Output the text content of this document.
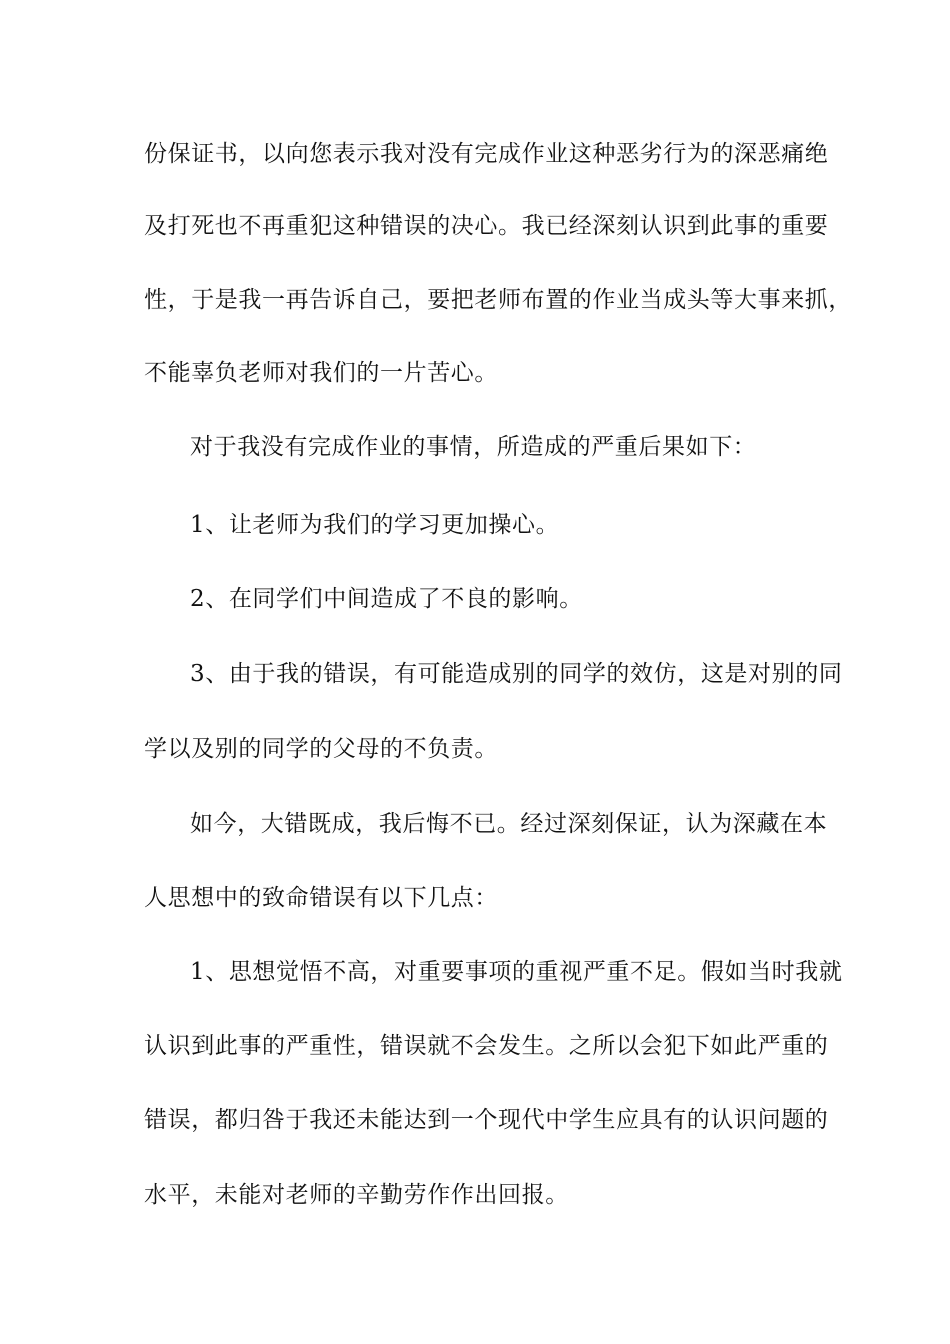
份保证书，以向您表示我对没有完成作业这种恶劣行为的深恶痛绝
及打死也不再重犯这种错误的决心。我已经深刻认识到此事的重要
性，于是我一再告诉自己，要把老师布置的作业当成头等大事来抓，
不能辜负老师对我们的一片苦心。
对于我没有完成作业的事情，所造成的严重后果如下：
1、让老师为我们的学习更加操心。
2、在同学们中间造成了不良的影响。
3、由于我的错误，有可能造成别的同学的效仿，这是对别的同
学以及别的同学的父母的不负责。
如今，大错既成，我后悔不已。经过深刻保证，认为深藏在本
人思想中的致命错误有以下几点：
1、思想觉悟不高，对重要事项的重视严重不足。假如当时我就
认识到此事的严重性，错误就不会发生。之所以会犯下如此严重的
错误，都归咎于我还未能达到一个现代中学生应具有的认识问题的
水平，未能对老师的辛勤劳作作出回报。
